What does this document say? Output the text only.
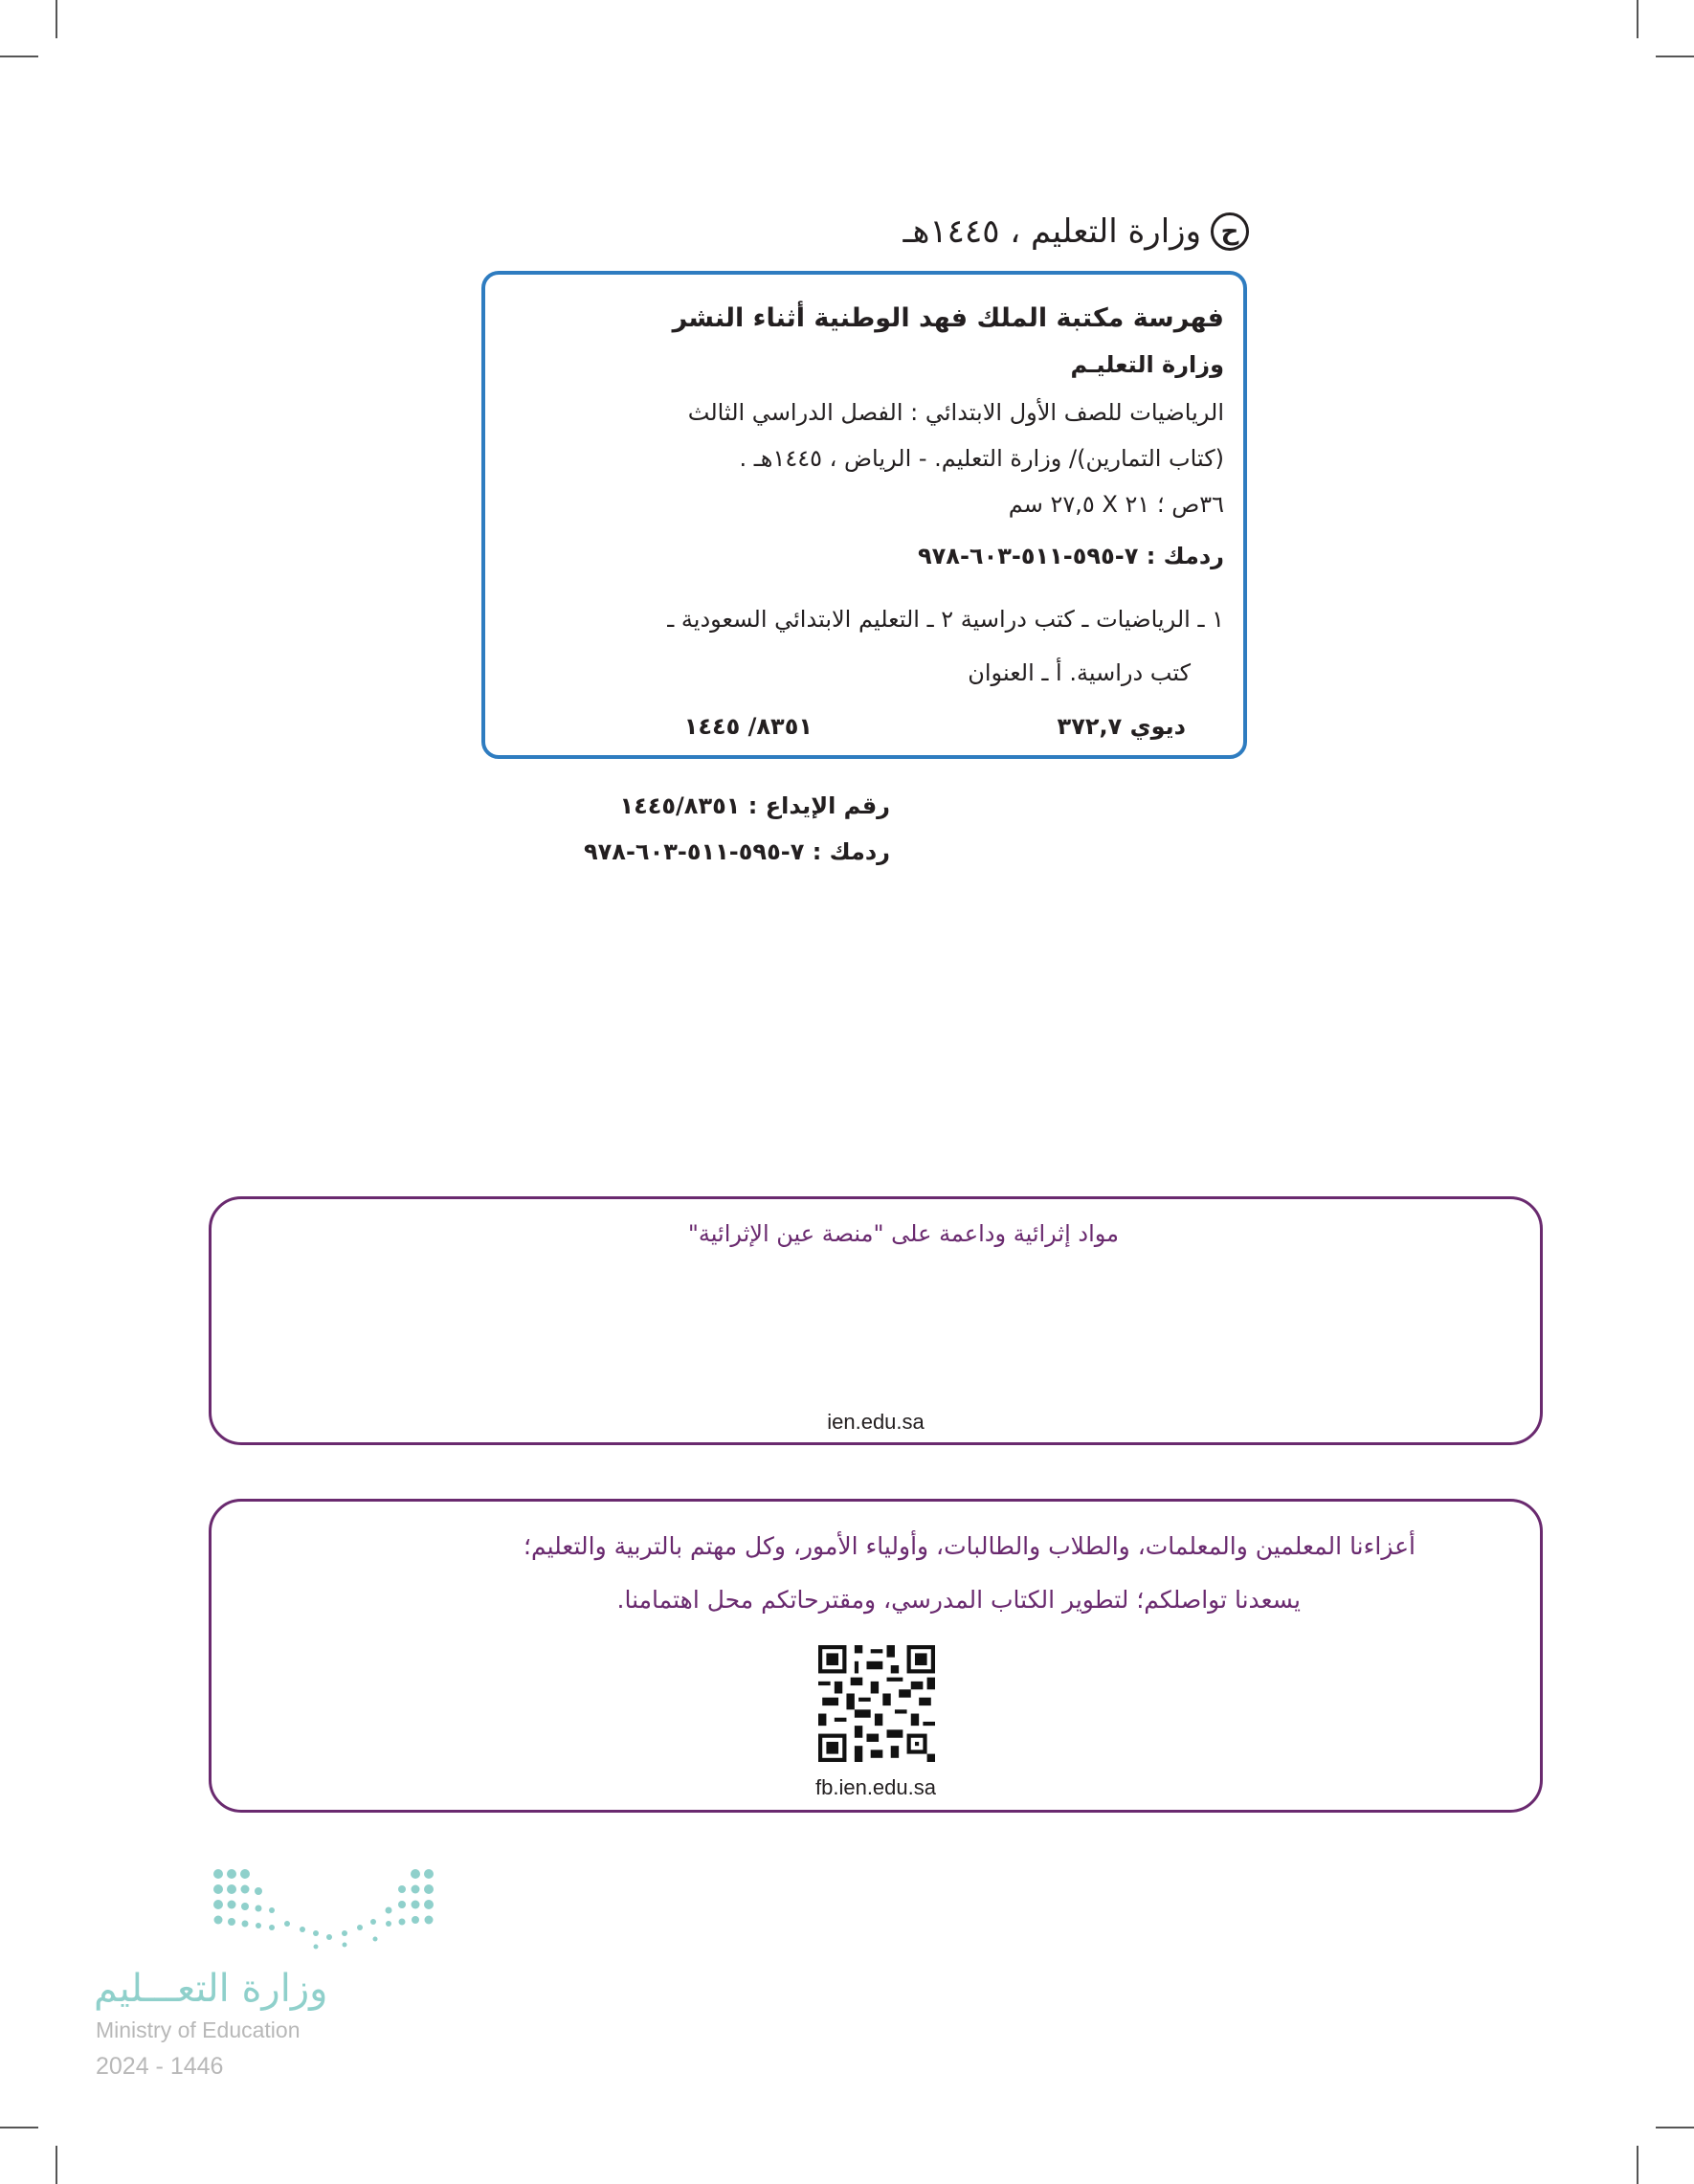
ح
وزارة التعليم ، ١٤٤٥هـ
فهرسة مكتبة الملك فهد الوطنية أثناء النشر
وزارة التعليـم
الرياضيات للصف الأول الابتدائي : الفصل الدراسي الثالث
(كتاب التمارين)/ وزارة التعليم. - الرياض ، ١٤٤٥هـ .
٣٦ص ؛ ٢١ X ٢٧,٥ سم
ردمك : ٧-٥٩٥-٥١١-٦٠٣-٩٧٨
١ ـ الرياضيات ـ كتب دراسية ٢ ـ التعليم الابتدائي السعودية ـ
كتب دراسية. أ ـ العنوان
ديوي ٣٧٢,٧
٨٣٥١/ ١٤٤٥
رقم الإيداع : ١٤٤٥/٨٣٥١
ردمك : ٧-٥٩٥-٥١١-٦٠٣-٩٧٨
مواد إثرائية وداعمة على "منصة عين الإثرائية"
ien.edu.sa
أعزاءنا المعلمين والمعلمات، والطلاب والطالبات، وأولياء الأمور، وكل مهتم بالتربية والتعليم؛
يسعدنا تواصلكم؛ لتطوير الكتاب المدرسي، ومقترحاتكم محل اهتمامنا.
fb.ien.edu.sa
وزارة التعـــليم
Ministry of Education
2024 - 1446
